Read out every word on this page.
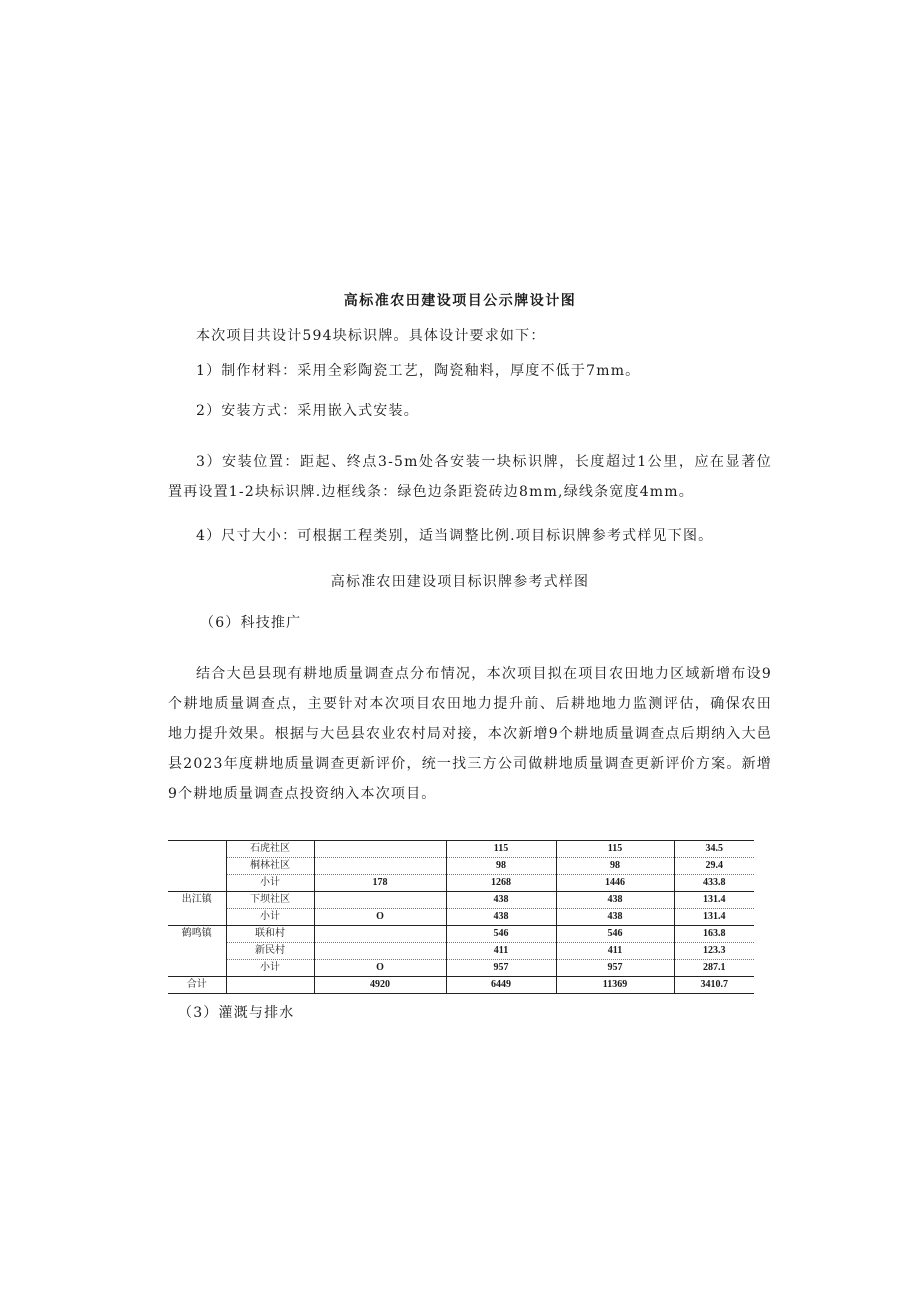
高标准农田建设项目公示牌设计图

本次项目共设计594块标识牌。具体设计要求如下：

1）制作材料：采用全彩陶瓷工艺，陶瓷釉料，厚度不低于7mm。

2）安装方式：采用嵌入式安装。

3）安装位置：距起、终点3-5m处各安装一块标识牌，长度超过1公里，应在显著位置再设置1-2块标识牌.边框线条：绿色边条距瓷砖边8mm,绿线条宽度4mm。

4）尺寸大小：可根据工程类别，适当调整比例.项目标识牌参考式样见下图。

高标准农田建设项目标识牌参考式样图

（6）科技推广

结合大邑县现有耕地质量调查点分布情况，本次项目拟在项目农田地力区域新增布设9个耕地质量调查点，主要针对本次项目农田地力提升前、后耕地地力监测评估，确保农田地力提升效果。根据与大邑县农业农村局对接，本次新增9个耕地质量调查点后期纳入大邑县2023年度耕地质量调查更新评价，统一找三方公司做耕地质量调查更新评价方案。新增9个耕地质量调查点投资纳入本次项目。

	石虎社区		115	115	34.5
	桐林社区		98	98	29.4
	小计	178	1268	1446	433.8
出江镇	下坝社区		438	438	131.4
	小计	O	438	438	131.4
鹤鸣镇	联和村		546	546	163.8
	新民村		411	411	123.3
	小计	O	957	957	287.1
合计		4920	6449	11369	3410.7

（3）灌溉与排水
